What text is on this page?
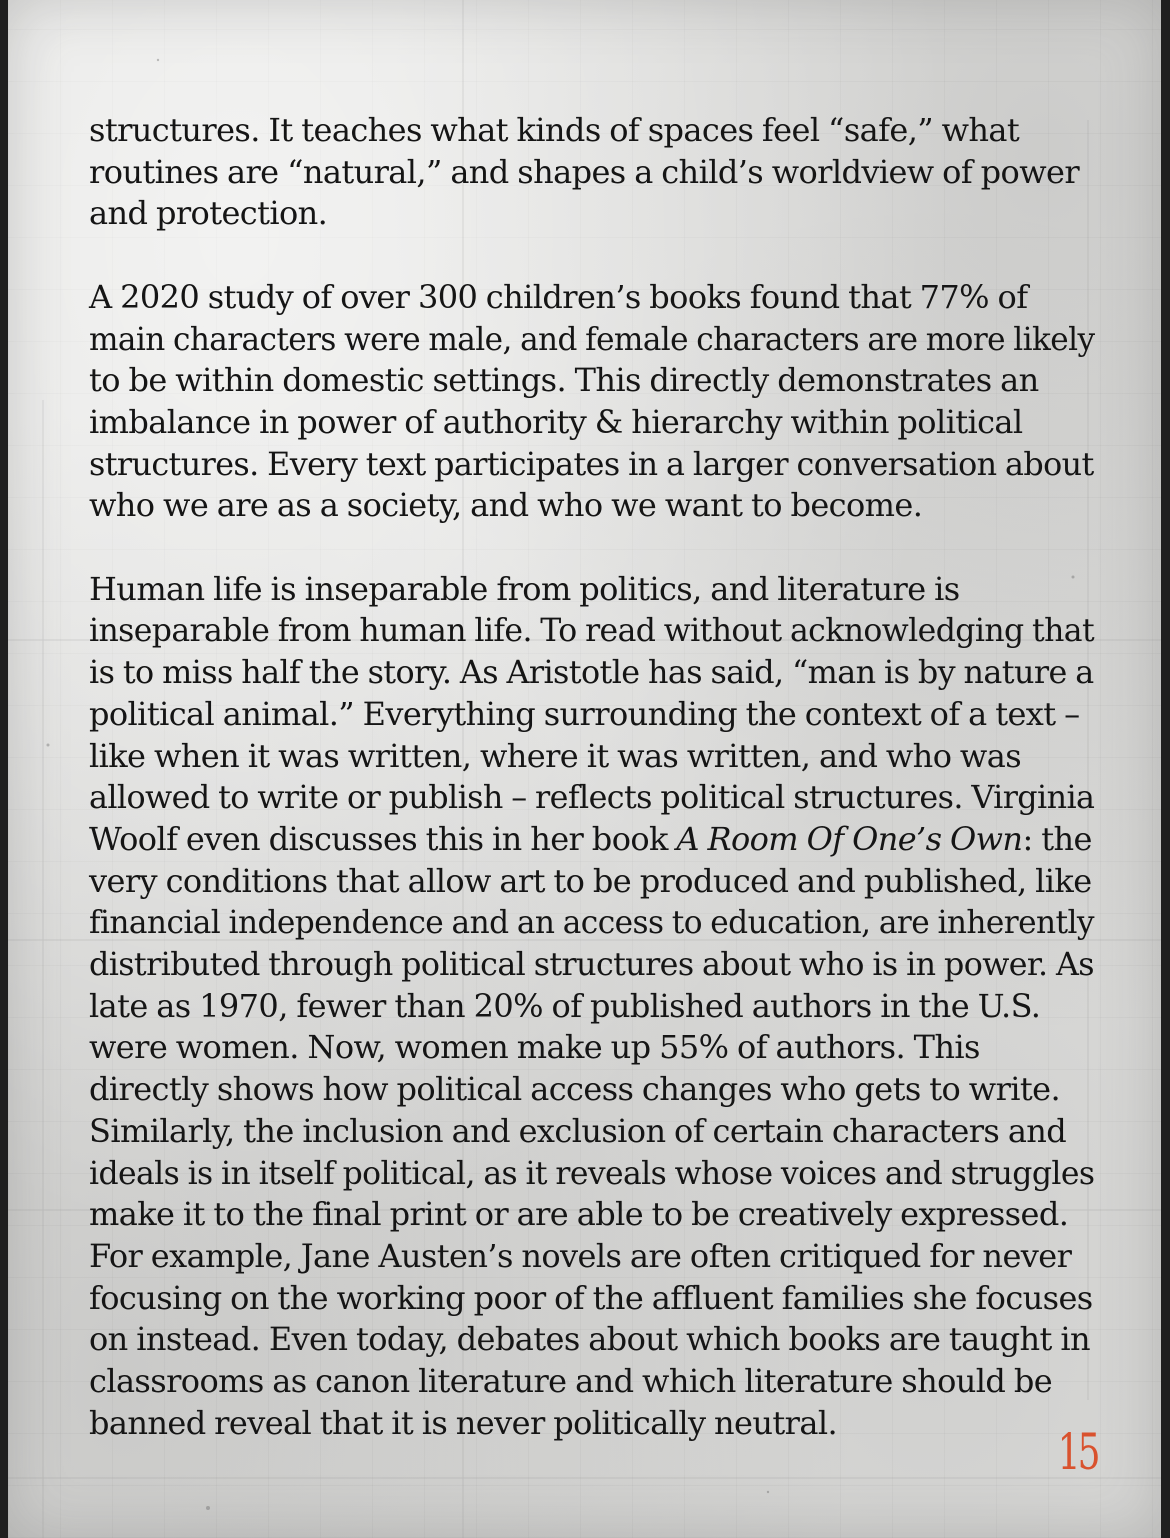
structures. It teaches what kinds of spaces feel “safe,” what
routines are “natural,” and shapes a child’s worldview of power
and protection.
A 2020 study of over 300 children’s books found that 77% of
main characters were male, and female characters are more likely
to be within domestic settings. This directly demonstrates an
imbalance in power of authority & hierarchy within political
structures. Every text participates in a larger conversation about
who we are as a society, and who we want to become.
Human life is inseparable from politics, and literature is
inseparable from human life. To read without acknowledging that
is to miss half the story. As Aristotle has said, “man is by nature a
political animal.” Everything surrounding the context of a text –
like when it was written, where it was written, and who was
allowed to write or publish – reflects political structures. Virginia
Woolf even discusses this in her book A Room Of One’s Own: the
very conditions that allow art to be produced and published, like
financial independence and an access to education, are inherently
distributed through political structures about who is in power. As
late as 1970, fewer than 20% of published authors in the U.S.
were women. Now, women make up 55% of authors. This
directly shows how political access changes who gets to write.
Similarly, the inclusion and exclusion of certain characters and
ideals is in itself political, as it reveals whose voices and struggles
make it to the final print or are able to be creatively expressed.
For example, Jane Austen’s novels are often critiqued for never
focusing on the working poor of the affluent families she focuses
on instead. Even today, debates about which books are taught in
classrooms as canon literature and which literature should be
banned reveal that it is never politically neutral.
15
